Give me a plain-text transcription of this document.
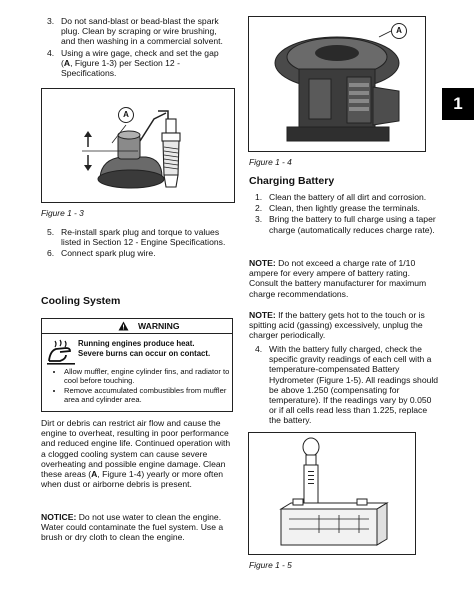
1
3. Do not sand-blast or bead-blast the spark plug. Clean by scraping or wire brushing, and then washing in a commercial solvent.
4. Using a wire gage, check and set the gap (A, Figure 1-3) per Section 12 - Specifications.
A
Figure 1 - 3
5. Re-install spark plug and torque to values listed in Section 12 - Engine Specifications.
6. Connect spark plug wire.
Cooling System
WARNING
Running engines produce heat.
Severe burns can occur on contact.
• Allow muffler, engine cylinder fins, and radiator to cool before touching.
• Remove accumulated combustibles from muffler area and cylinder area.
Dirt or debris can restrict air flow and cause the engine to overheat, resulting in poor performance and reduced engine life. Continued operation with a clogged cooling system can cause severe overheating and possible engine damage. Clean these areas (A, Figure 1-4) yearly or more often when dust or airborne debris is present.
NOTICE: Do not use water to clean the engine. Water could contaminate the fuel system. Use a brush or dry cloth to clean the engine.
A
Figure 1 - 4
Charging Battery
1. Clean the battery of all dirt and corrosion.
2. Clean, then lightly grease the terminals.
3. Bring the battery to full charge using a taper charge (automatically reduces charge rate).
NOTE: Do not exceed a charge rate of 1/10 ampere for every ampere of battery rating. Consult the battery manufacturer for maximum charge recommendations.
NOTE: If the battery gets hot to the touch or is spitting acid (gassing) excessively, unplug the charger periodically.
4. With the battery fully charged, check the specific gravity readings of each cell with a temperature-compensated Battery Hydrometer (Figure 1-5). All readings should be above 1.250 (compensating for temperature). If the readings vary by 0.050 or if all cells read less than 1.225, replace the battery.
Figure 1 - 5
